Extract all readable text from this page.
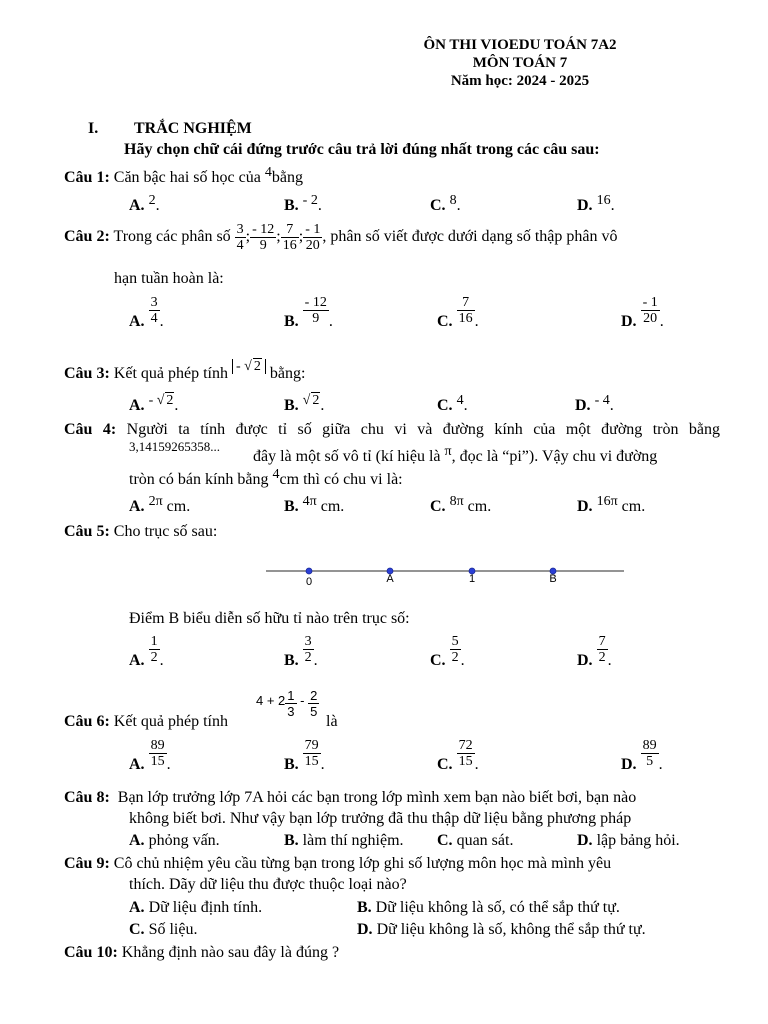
ÔN THI VIOEDU TOÁN 7A2
MÔN TOÁN 7
Năm học: 2024 - 2025
I. TRẮC NGHIỆM
Hãy chọn chữ cái đứng trước câu trả lời đúng nhất trong các câu sau:
Câu 1: Căn bậc hai số học của 4bằng
A. 2.	B. - 2.	C. 8.	D. 16.
Câu 2: Trong các phân số $\frac{3}{4}$ ; $\frac{- 12}{9}$ ; $\frac{7}{16}$ ; $\frac{- 1}{20}$ , phân số viết được dưới dạng số thập phân vô
hạn tuần hoàn là:
A. $\frac{3}{4}$ .	B. $\frac{- 12}{9}$ .	C. $\frac{7}{16}$ .	D. $\frac{- 1}{20}$ .
Câu 3: Kết quả phép tính - √ 2 bằng:
A. - √ 2.	B. √ 2.	C. 4.	D. - 4.
Câu 4: Người ta tính được tỉ số giữa chu vi và đường kính của một đường tròn bằng
3,14159265358...
đây là một số vô tỉ (kí hiệu là π, đọc là “pi”). Vậy chu vi đường
tròn có bán kính bằng 4cm thì có chu vi là:
A. 2π cm.	B. 4π cm.	C. 8π cm.	D. 16π cm.
Câu 5: Cho trục số sau:
0	A	1	B
Điểm B biểu diễn số hữu tỉ nào trên trục số:
A. $\frac{1}{2}$ .	B. $\frac{3}{2}$ .	C. $\frac{5}{2}$ .	D. $\frac{7}{2}$ .
$4 + 2 \frac{1}{3} - \frac{2}{5}$
Câu 6: Kết quả phép tính	là
A. $\frac{89}{15}$ .	B. $\frac{79}{15}$ .	C. $\frac{72}{15}$ .	D. $\frac{89}{5}$ .
Câu 8: Bạn lớp trưởng lớp 7A hỏi các bạn trong lớp mình xem bạn nào biết bơi, bạn nào
không biết bơi. Như vậy bạn lớp trưởng đã thu thập dữ liệu bằng phương pháp
A. phỏng vấn.	B. làm thí nghiệm. C. quan sát.	D. lập bảng hỏi.
Câu 9: Cô chủ nhiệm yêu cầu từng bạn trong lớp ghi số lượng môn học mà mình yêu
thích. Dãy dữ liệu thu được thuộc loại nào?
A. Dữ liệu định tính.	B. Dữ liệu không là số, có thể sắp thứ tự.
C. Số liệu.	D. Dữ liệu không là số, không thể sắp thứ tự.
Câu 10: Khẳng định nào sau đây là đúng ?
